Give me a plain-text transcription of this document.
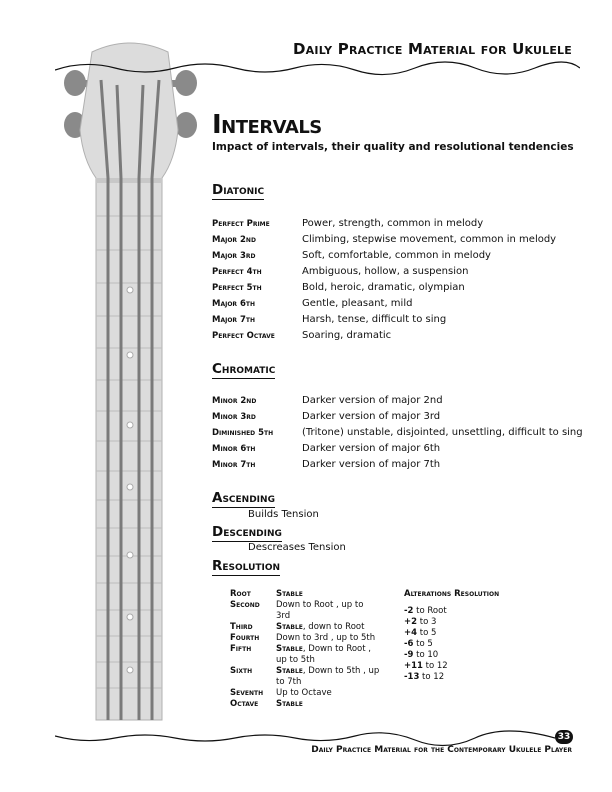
Daily Practice Material for Ukulele
Intervals
Impact of intervals, their quality and resolutional tendencies
Diatonic
Perfect Prime	Power, strength, common in melody
Major 2nd	Climbing, stepwise movement, common in melody
Major 3rd	Soft, comfortable, common in melody
Perfect 4th	Ambiguous, hollow, a suspension
Perfect 5th	Bold, heroic, dramatic, olympian
Major 6th	Gentle, pleasant, mild
Major 7th	Harsh, tense, difficult to sing
Perfect Octave	Soaring, dramatic
Chromatic
Minor 2nd	Darker version of major 2nd
Minor 3rd	Darker version of major 3rd
Diminished 5th	(Tritone) unstable, disjointed, unsettling, difficult to sing
Minor 6th	Darker version of major 6th
Minor 7th	Darker version of major 7th
Ascending
Builds Tension
Descending
Descreases Tension
Resolution
Root	Stable
Second	Down to Root , up to 3rd
Third	Stable, down to Root
Fourth	Down to 3rd , up to 5th
Fifth	Stable, Down to Root , up to 5th
Sixth	Stable, Down to 5th , up to 7th
Seventh	Up to Octave
Octave	Stable
Alterations Resolution
-2 to Root
+2 to 3
+4 to 5
-6 to 5
-9 to 10
+11 to 12
-13 to 12
33
Daily Practice Material for the Contemporary Ukulele Player
